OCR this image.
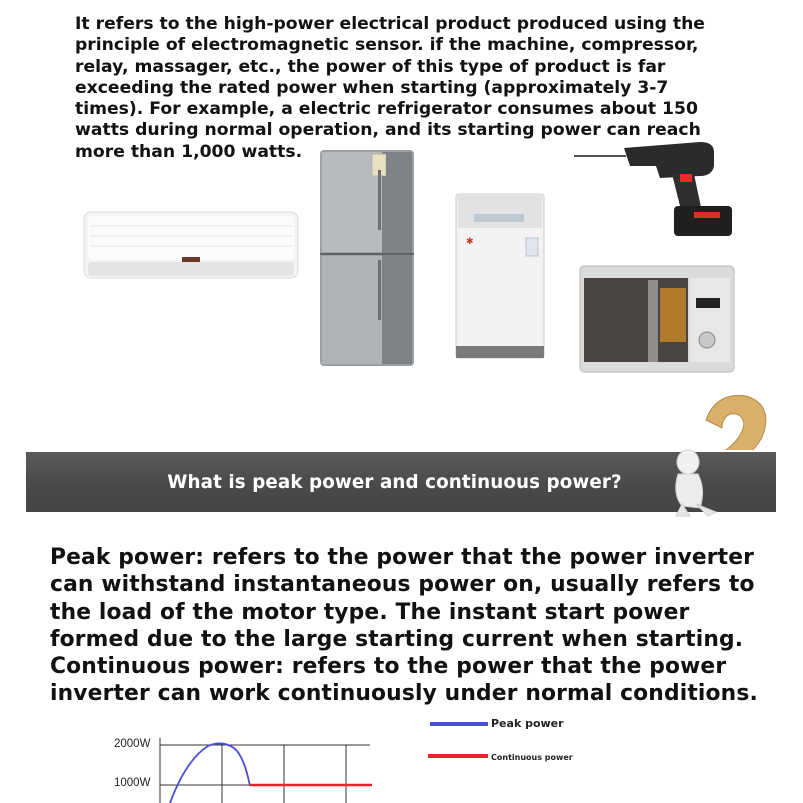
It refers to the high-power electrical product produced using the
principle of electromagnetic sensor. if the machine, compressor,
relay, massager, etc., the power of this type of product is far
exceeding the rated power when starting (approximately 3-7
times). For example, a electric refrigerator consumes about 150
watts during normal operation, and its starting power can reach
more than 1,000 watts.
✱
What is peak power and continuous power?
Peak power: refers to the power that the power inverter
can withstand instantaneous power on, usually refers to
the load of the motor type. The instant start power
formed due to the large starting current when starting.
Continuous power: refers to the power that the power
inverter can work continuously under normal conditions.
Peak power
Continuous power
2000W
1000W
